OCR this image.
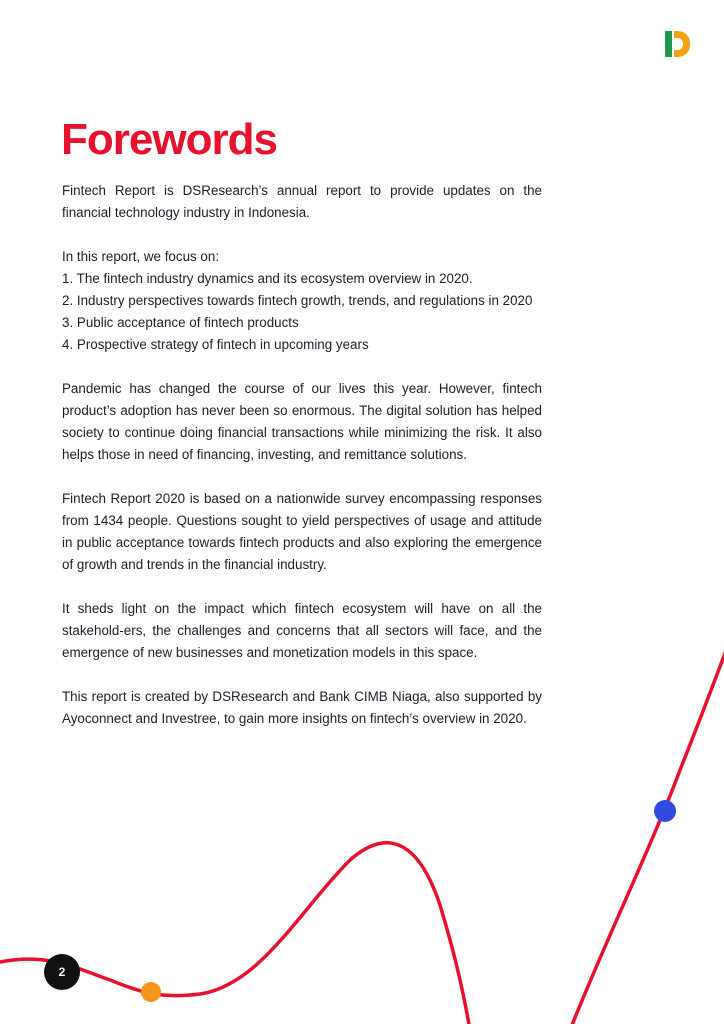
Forewords

Fintech Report is DSResearch’s annual report to provide updates on the financial technology industry in Indonesia.

In this report, we focus on:
1. The fintech industry dynamics and its ecosystem overview in 2020.
2. Industry perspectives towards fintech growth, trends, and regulations in 2020
3. Public acceptance of fintech products
4. Prospective strategy of fintech in upcoming years

Pandemic has changed the course of our lives this year. However, fintech product’s adoption has never been so enormous. The digital solution has helped society to continue doing financial transactions while minimizing the risk. It also helps those in need of financing, investing, and remittance solutions.

Fintech Report 2020 is based on a nationwide survey encompassing responses from 1434 people. Questions sought to yield perspectives of usage and attitude in public acceptance towards fintech products and also exploring the emergence of growth and trends in the financial industry.

It sheds light on the impact which fintech ecosystem will have on all the stakehold-ers, the challenges and concerns that all sectors will face, and the emergence of new businesses and monetization models in this space.

This report is created by DSResearch and Bank CIMB Niaga, also supported by Ayoconnect and Investree, to gain more insights on fintech’s overview in 2020.

2
